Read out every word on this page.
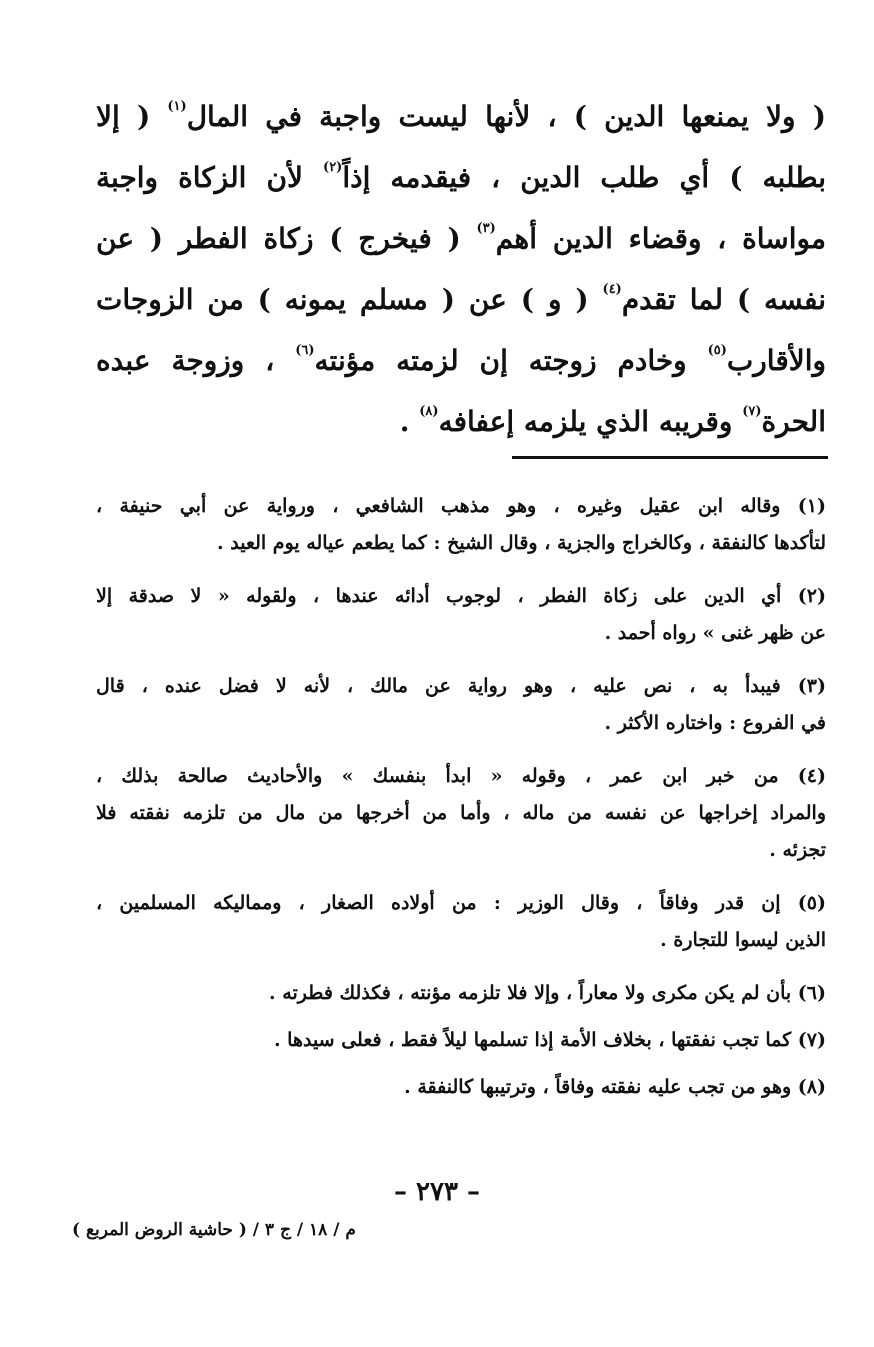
( ولا يمنعها الدين ) ، لأنها ليست واجبة في المال$^{(١)}$ ( إلا
بطلبه ) أي طلب الدين ، فيقدمه إذاً$^{(٢)}$ لأن الزكاة واجبة
مواساة ، وقضاء الدين أهم$^{(٣)}$ ( فيخرج ) زكاة الفطر ( عن
نفسه ) لما تقدم$^{(٤)}$ ( و ) عن ( مسلم يمونه ) من الزوجات
والأقارب$^{(٥)}$ وخادم زوجته إن لزمته مؤنته$^{(٦)}$ ، وزوجة عبده
الحرة$^{(٧)}$ وقريبه الذي يلزمه إعفافه$^{(٨)}$ .
(١) وقاله ابن عقيل وغيره ، وهو مذهب الشافعي ، ورواية عن أبي حنيفة ،
لتأكدها كالنفقة ، وكالخراج والجزية ، وقال الشيخ : كما يطعم عياله يوم العيد .
(٢) أي الدين على زكاة الفطر ، لوجوب أدائه عندها ، ولقوله « لا صدقة إلا
عن ظهر غنى » رواه أحمد .
(٣) فيبدأ به ، نص عليه ، وهو رواية عن مالك ، لأنه لا فضل عنده ، قال
في الفروع : واختاره الأكثر .
(٤) من خبر ابن عمر ، وقوله « ابدأ بنفسك » والأحاديث صالحة بذلك ،
والمراد إخراجها عن نفسه من ماله ، وأما من أخرجها من مال من تلزمه نفقته فلا
تجزئه .
(٥) إن قدر وفاقاً ، وقال الوزير : من أولاده الصغار ، ومماليكه المسلمين ،
الذين ليسوا للتجارة .
(٦) بأن لم يكن مكرى ولا معاراً ، وإلا فلا تلزمه مؤنته ، فكذلك فطرته .
(٧) كما تجب نفقتها ، بخلاف الأمة إذا تسلمها ليلاً فقط ، فعلى سيدها .
(٨) وهو من تجب عليه نفقته وفاقاً ، وترتيبها كالنفقة .
– ٢٧٣ –
م / ١٨ / ج ٣ / ( حاشية الروض المربع )
